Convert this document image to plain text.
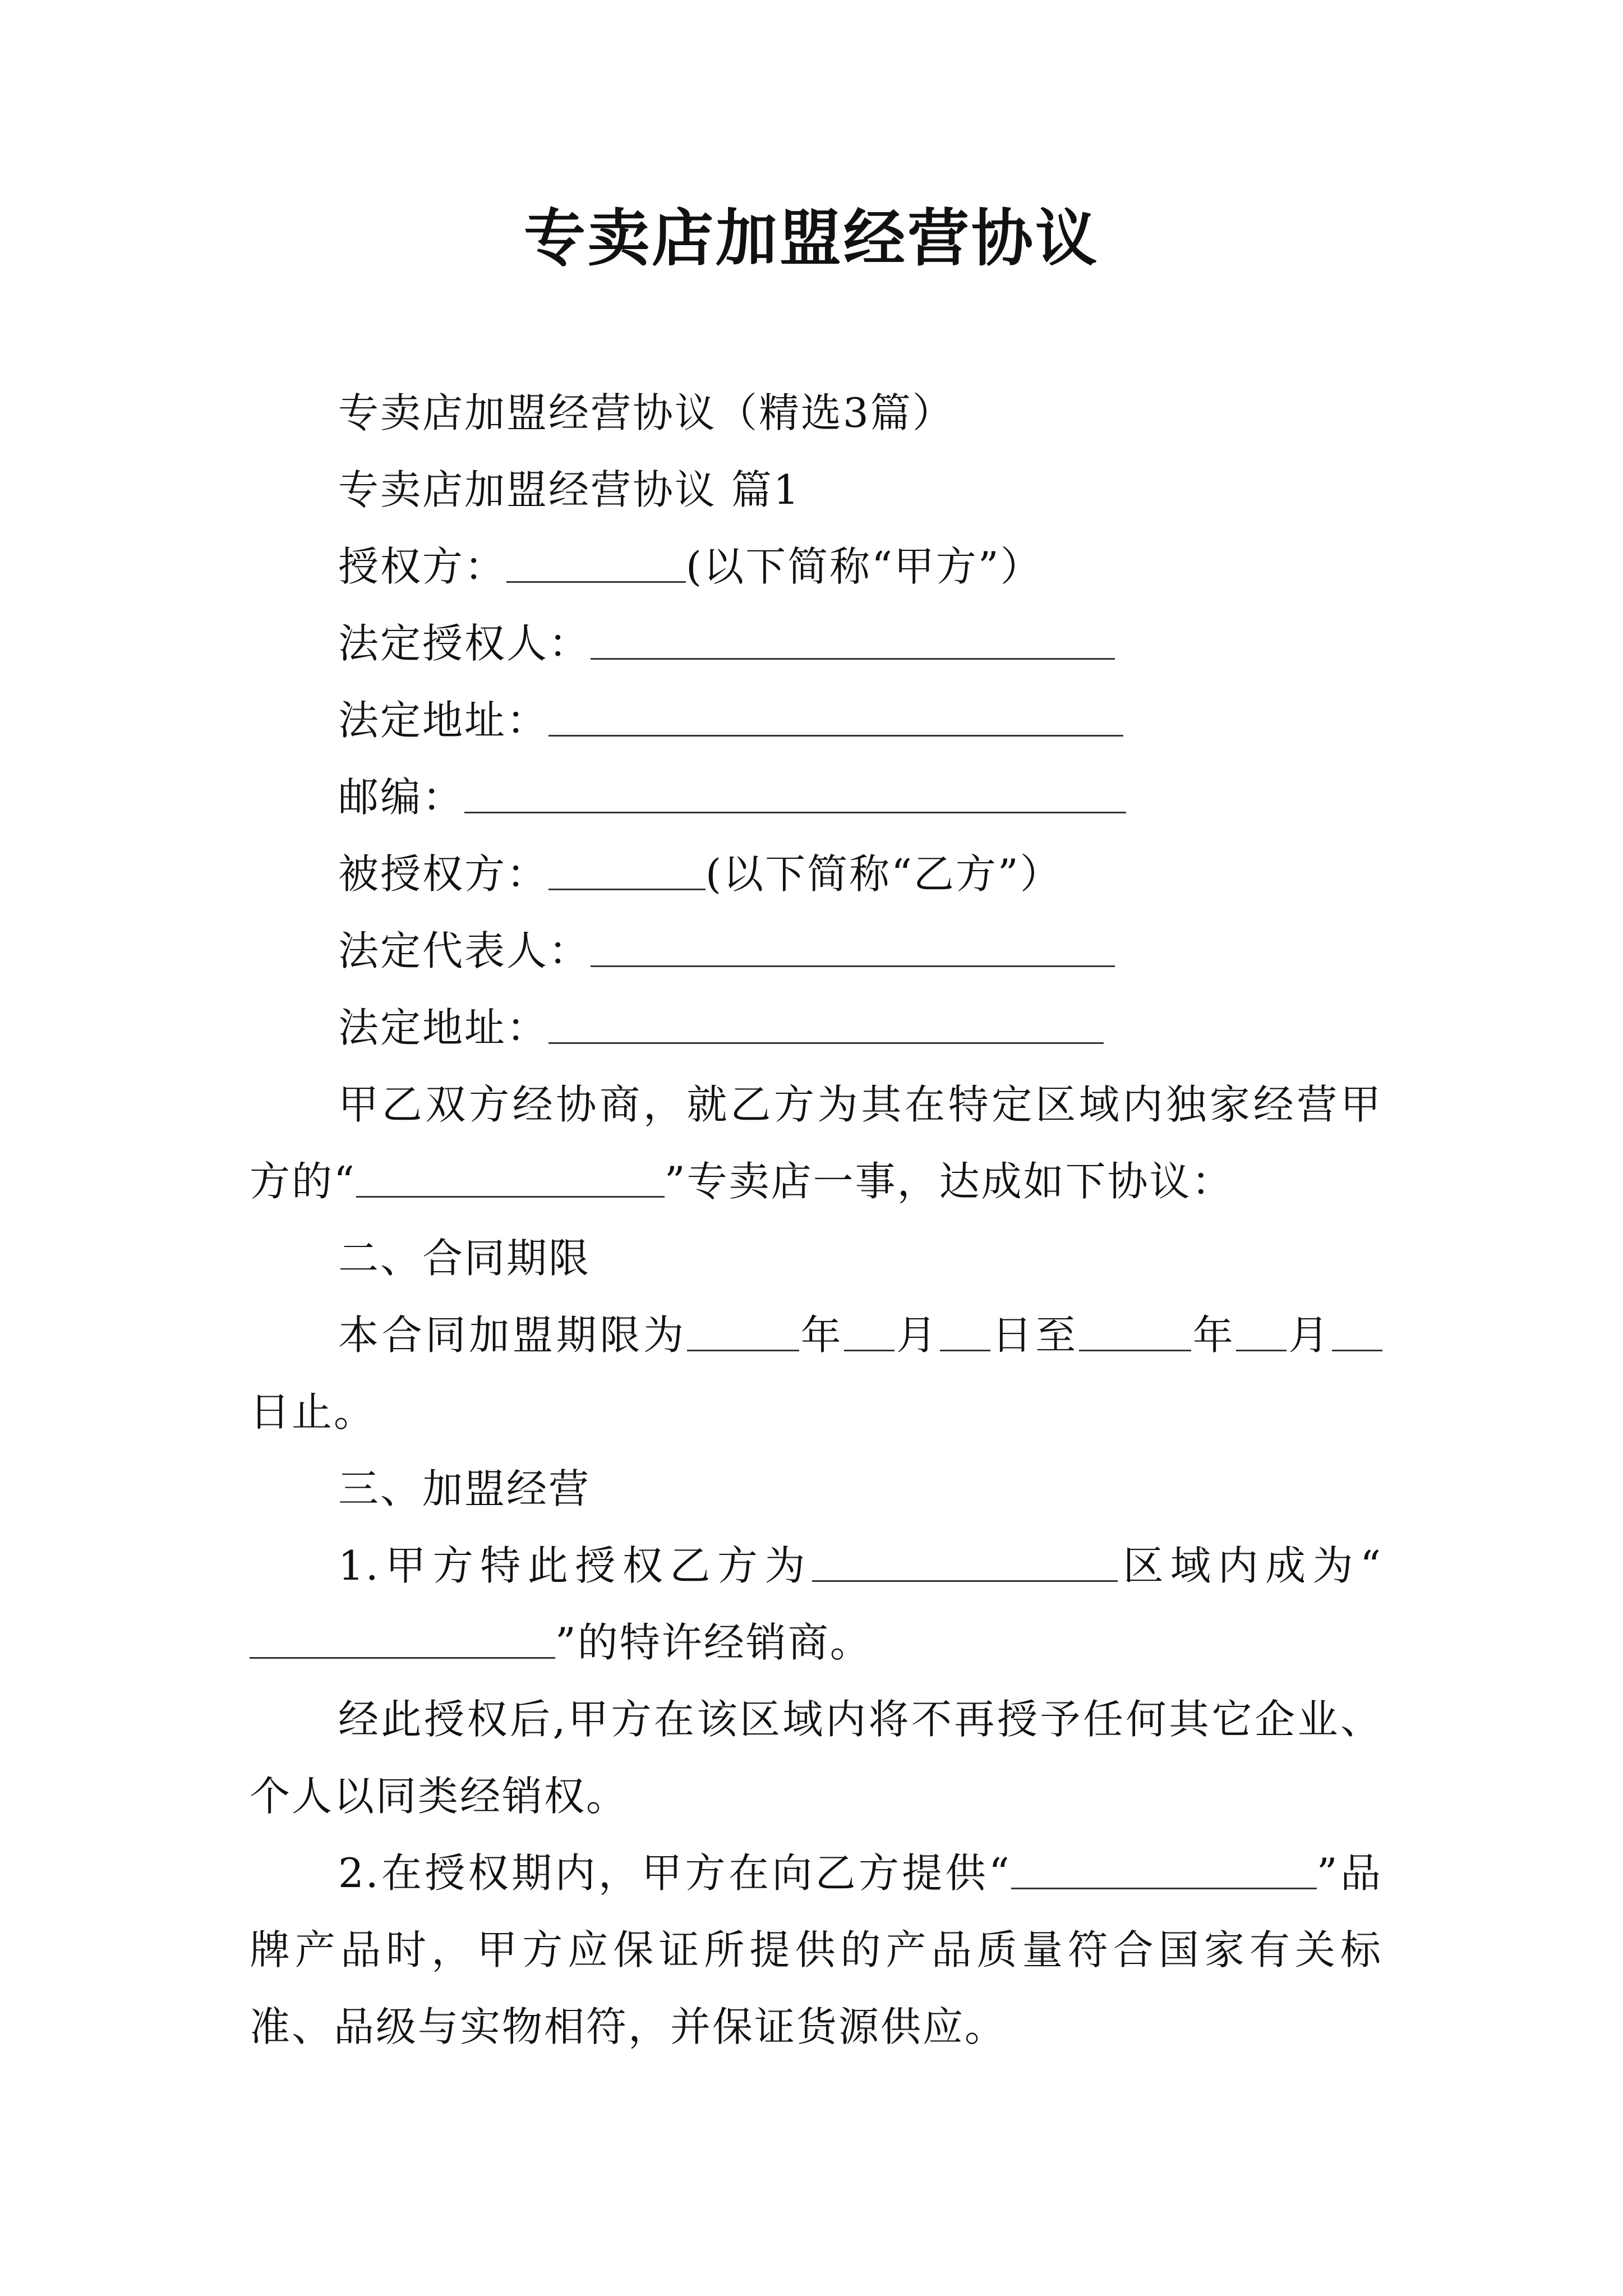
专卖店加盟经营协议

专卖店加盟经营协议（精选3篇）

专卖店加盟经营协议 篇1

授权方：	(以下简称“甲方”）

法定授权人：

法定地址：

邮编：

被授权方：	(以下简称“乙方”）

法定代表人：

法定地址：

甲乙双方经协商，就乙方为其在特定区域内独家经营甲方的“	”专卖店一事，达成如下协议：

二、合同期限

本合同加盟期限为	年 月 日至	年 月日止。

三、加盟经营

1.甲方特此授权乙方为	区域内成为“”的特许经销商。

经此授权后,甲方在该区域内将不再授予任何其它企业、个人以同类经销权。

2.在授权期内，甲方在向乙方提供“	”品牌产品时，甲方应保证所提供的产品质量符合国家有关标准、品级与实物相符，并保证货源供应。
